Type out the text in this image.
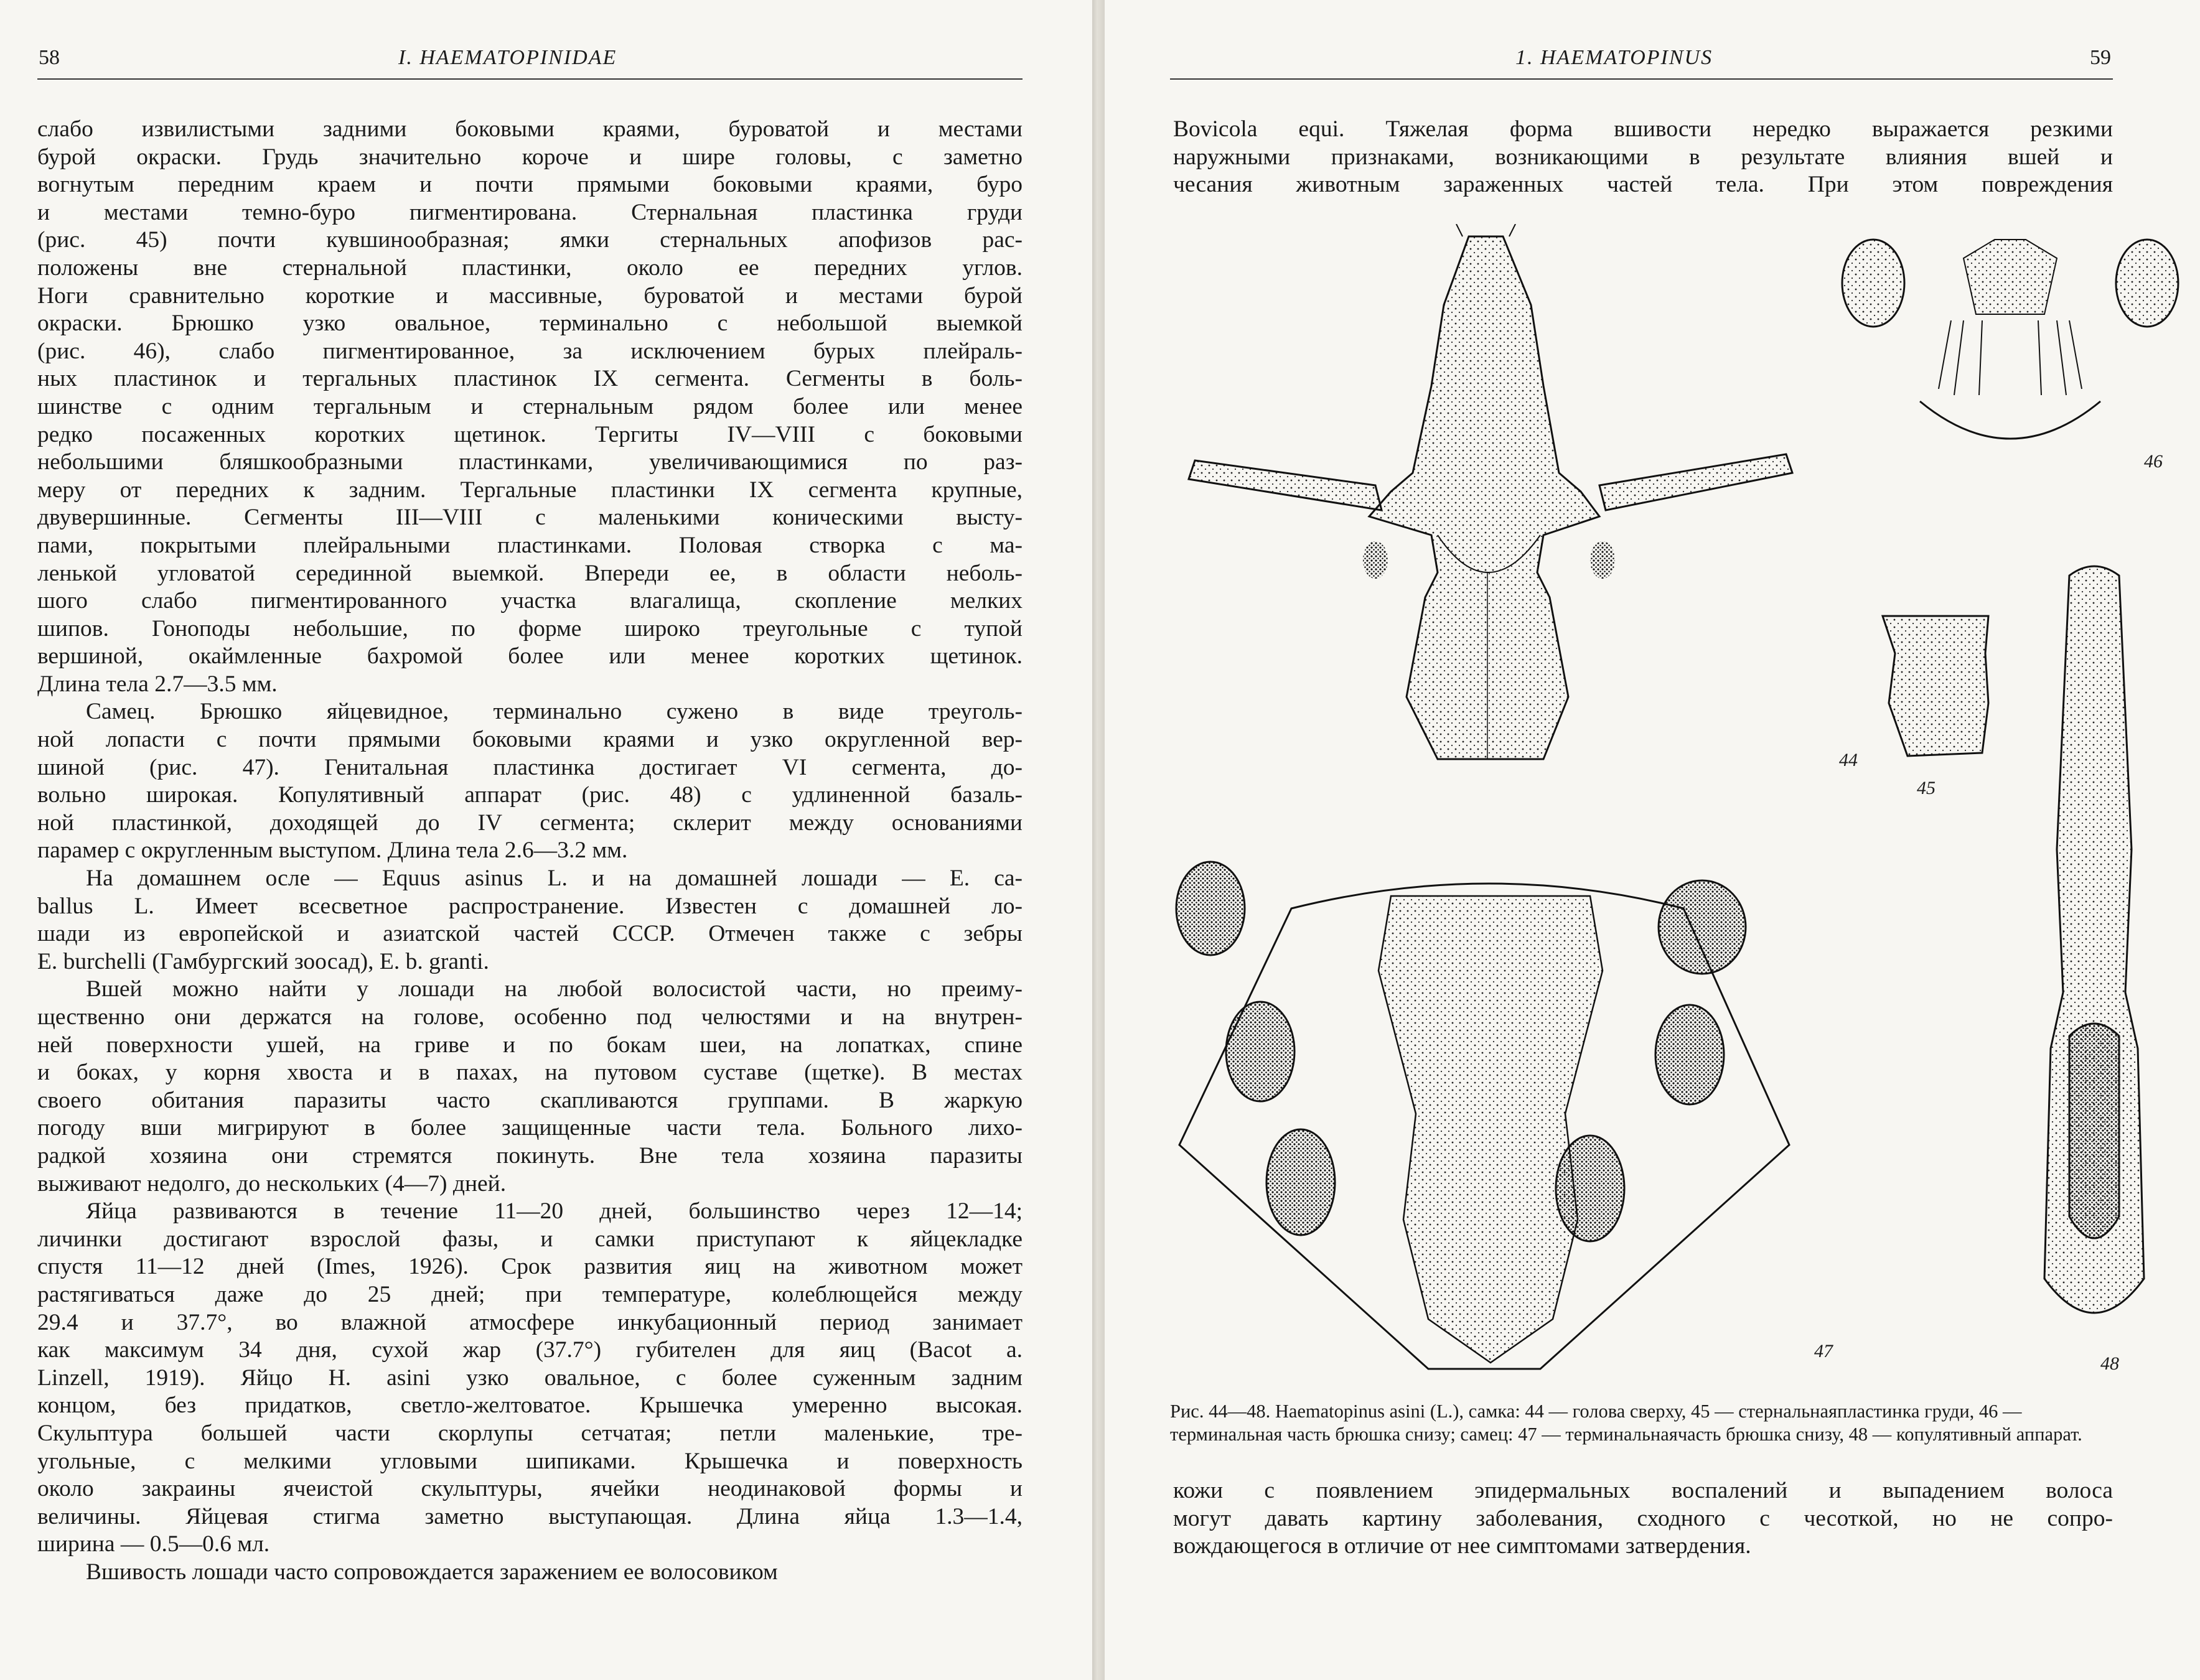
58	I. HAEMATOPINIDAE
слабо извилистыми задними боковыми краями, буроватой и местами
бурой окраски. Грудь значительно короче и шире головы, с заметно
вогнутым передним краем и почти прямыми боковыми краями, буро
и местами темно-буро пигментирована. Стернальная пластинка груди
(рис. 45) почти кувшинообразная; ямки стернальных апофизов рас-
положены вне стернальной пластинки, около ее передних углов.
Ноги сравнительно короткие и массивные, буроватой и местами бурой
окраски. Брюшко узко овальное, терминально с небольшой выемкой
(рис. 46), слабо пигментированное, за исключением бурых плейраль-
ных пластинок и тергальных пластинок IX сегмента. Сегменты в боль-
шинстве с одним тергальным и стернальным рядом более или менее
редко посаженных коротких щетинок. Тергиты IV—VIII с боковыми
небольшими бляшкообразными пластинками, увеличивающимися по раз-
меру от передних к задним. Тергальные пластинки IX сегмента крупные,
двувершинные. Сегменты III—VIII с маленькими коническими высту-
пами, покрытыми плейральными пластинками. Половая створка с ма-
ленькой угловатой серединной выемкой. Впереди ее, в области неболь-
шого слабо пигментированного участка влагалища, скопление мелких
шипов. Гоноподы небольшие, по форме широко треугольные с тупой
вершиной, окаймленные бахромой более или менее коротких щетинок.
Длина тела 2.7—3.5 мм.
Самец. Брюшко яйцевидное, терминально сужено в виде треуголь-
ной лопасти с почти прямыми боковыми краями и узко округленной вер-
шиной (рис. 47). Генитальная пластинка достигает VI сегмента, до-
вольно широкая. Копулятивный аппарат (рис. 48) с удлиненной базаль-
ной пластинкой, доходящей до IV сегмента; склерит между основаниями
парамер с округленным выступом. Длина тела 2.6—3.2 мм.
На домашнем осле — Equus asinus L. и на домашней лошади — E. ca-
ballus L. Имеет всесветное распространение. Известен с домашней ло-
шади из европейской и азиатской частей СССР. Отмечен также с зебры
E. burchelli (Гамбургский зоосад), E. b. granti.
Вшей можно найти у лошади на любой волосистой части, но преиму-
щественно они держатся на голове, особенно под челюстями и на внутрен-
ней поверхности ушей, на гриве и по бокам шеи, на лопатках, спине
и боках, у корня хвоста и в пахах, на путовом суставе (щетке). В местах
своего обитания паразиты часто скапливаются группами. В жаркую
погоду вши мигрируют в более защищенные части тела. Больного лихо-
радкой хозяина они стремятся покинуть. Вне тела хозяина паразиты
выживают недолго, до нескольких (4—7) дней.
Яйца развиваются в течение 11—20 дней, большинство через 12—14;
личинки достигают взрослой фазы, и самки приступают к яйцекладке
спустя 11—12 дней (Imes, 1926). Срок развития яиц на животном может
растягиваться даже до 25 дней; при температуре, колеблющейся между
29.4 и 37.7°, во влажной атмосфере инкубационный период занимает
как максимум 34 дня, сухой жар (37.7°) губителен для яиц (Bacot a.
Linzell, 1919). Яйцо H. asini узко овальное, с более суженным задним
концом, без придатков, светло-желтоватое. Крышечка умеренно высокая.
Скульптура большей части скорлупы сетчатая; петли маленькие, тре-
угольные, с мелкими угловыми шипиками. Крышечка и поверхность
около закраины ячеистой скульптуры, ячейки неодинаковой формы и
величины. Яйцевая стигма заметно выступающая. Длина яйца 1.3—1.4,
ширина — 0.5—0.6 мл.
Вшивость лошади часто сопровождается заражением ее волосовиком
1. HAEMATOPINUS	59
Bovicola equi. Тяжелая форма вшивости нередко выражается резкими
наружными признаками, возникающими в результате влияния вшей и
чесания животным зараженных частей тела. При этом повреждения
44
46
45
48
47
Рис. 44—48. Haematopinus asini (L.), самка: 44 — голова сверху, 45 — стернальнаяпластинка груди, 46 — терминальная часть брюшка снизу; самец: 47 — терминальнаячасть брюшка снизу, 48 — копулятивный аппарат.
кожи с появлением эпидермальных воспалений и выпадением волоса
могут давать картину заболевания, сходного с чесоткой, но не сопро-
вождающегося в отличие от нее симптомами затвердения.
